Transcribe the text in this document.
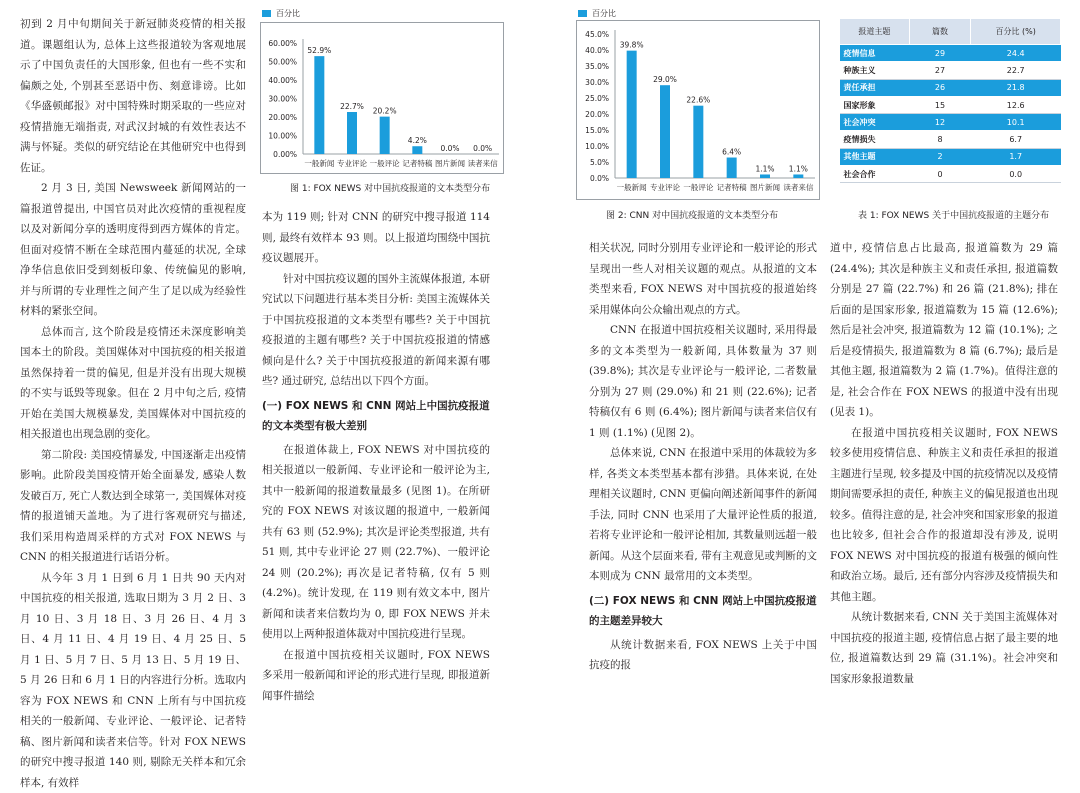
初到 2 月中旬期间关于新冠肺炎疫情的相关报道。课题组认为, 总体上这些报道较为客观地展示了中国负责任的大国形象, 但也有一些不实和偏颇之处, 个别甚至恶语中伤、刻意诽谤。比如《华盛顿邮报》对中国特殊时期采取的一些应对疫情措施无端指责, 对武汉封城的有效性表达不满与怀疑。类似的研究结论在其他研究中也得到佐证。

2 月 3 日, 美国 Newsweek 新闻网站的一篇报道曾提出, 中国官员对此次疫情的重视程度以及对新闻分享的透明度得到西方媒体的肯定。但面对疫情不断在全球范围内蔓延的状况, 全球净华信息依旧受到刻板印象、传统偏见的影响, 并与所谓的专业理性之间产生了足以成为经验性材料的紧张空间。

总体而言, 这个阶段是疫情还未深度影响美国本土的阶段。美国媒体对中国抗疫的相关报道虽然保持着一贯的偏见, 但是并没有出现大规模的不实与诋毁等现象。但在 2 月中旬之后, 疫情开始在美国大规模暴发, 美国媒体对中国抗疫的相关报道也出现急剧的变化。

第二阶段: 美国疫情暴发, 中国逐渐走出疫情影响。此阶段美国疫情开始全面暴发, 感染人数发破百万, 死亡人数达到全球第一, 美国媒体对疫情的报道铺天盖地。为了进行客观研究与描述, 我们采用构造周采样的方式对 FOX NEWS 与 CNN 的相关报道进行话语分析。

从今年 3 月 1 日到 6 月 1 日共 90 天内对中国抗疫的相关报道, 选取日期为 3 月 2 日、3 月 10 日、3 月 18 日、3 月 26 日、4 月 3 日、4 月 11 日、4 月 19 日、4 月 25 日、5 月 1 日、5 月 7 日、5 月 13 日、5 月 19 日、5 月 26 日和 6 月 1 日的内容进行分析。选取内容为 FOX NEWS 和 CNN 上所有与中国抗疫相关的一般新闻、专业评论、一般评论、记者特稿、图片新闻和读者来信等。针对 FOX NEWS 的研究中搜寻报道 140 则, 剔除无关样本和冗余样本, 有效样

百分比
0.00%
10.00%
20.00%
30.00%
40.00%
50.00%
60.00%
52.9%
一般新闻
22.7%
专业评论
20.2%
一般评论
4.2%
记者特稿
0.0%
图片新闻
0.0%
读者来信
图 1: FOX NEWS 对中国抗疫报道的文本类型分布

本为 119 则; 针对 CNN 的研究中搜寻报道 114 则, 最终有效样本 93 则。以上报道均围绕中国抗疫议题展开。

针对中国抗疫议题的国外主流媒体报道, 本研究试以下问题进行基本类目分析: 美国主流媒体关于中国抗疫报道的文本类型有哪些? 关于中国抗疫报道的主题有哪些? 关于中国抗疫报道的情感倾向是什么? 关于中国抗疫报道的新闻来源有哪些? 通过研究, 总结出以下四个方面。

(一) FOX NEWS 和 CNN 网站上中国抗疫报道的文本类型有极大差别

在报道体裁上, FOX NEWS 对中国抗疫的相关报道以一般新闻、专业评论和一般评论为主, 其中一般新闻的报道数量最多 (见图 1)。在所研究的 FOX NEWS 对该议题的报道中, 一般新闻共有 63 则 (52.9%); 其次是评论类型报道, 共有 51 则, 其中专业评论 27 则 (22.7%)、一般评论 24 则 (20.2%); 再次是记者特稿, 仅有 5 则 (4.2%)。统计发现, 在 119 则有效文本中, 图片新闻和读者来信数均为 0, 即 FOX NEWS 并未使用以上两种报道体裁对中国抗疫进行呈现。

在报道中国抗疫相关议题时, FOX NEWS 多采用一般新闻和评论的形式进行呈现, 即报道新闻事件描绘

百分比
0.0%
5.0%
10.0%
15.0%
20.0%
25.0%
30.0%
35.0%
40.0%
45.0%
39.8%
一般新闻
29.0%
专业评论
22.6%
一般评论
6.4%
记者特稿
1.1%
图片新闻
1.1%
读者来信
图 2: CNN 对中国抗疫报道的文本类型分布

相关状况, 同时分别用专业评论和一般评论的形式呈现出一些人对相关议题的观点。从报道的文本类型来看, FOX NEWS 对中国抗疫的报道始终采用媒体向公众输出观点的方式。

CNN 在报道中国抗疫相关议题时, 采用得最多的文本类型为一般新闻, 具体数量为 37 则 (39.8%); 其次是专业评论与一般评论, 二者数量分别为 27 则 (29.0%) 和 21 则 (22.6%); 记者特稿仅有 6 则 (6.4%); 图片新闻与读者来信仅有 1 则 (1.1%) (见图 2)。

总体来说, CNN 在报道中采用的体裁较为多样, 各类文本类型基本都有涉猎。具体来说, 在处理相关议题时, CNN 更偏向阐述新闻事件的新闻手法, 同时 CNN 也采用了大量评论性质的报道, 若将专业评论和一般评论相加, 其数量则远超一般新闻。从这个层面来看, 带有主观意见或判断的文本则成为 CNN 最常用的文本类型。

(二) FOX NEWS 和 CNN 网站上中国抗疫报道的主题差异较大

从统计数据来看, FOX NEWS 上关于中国抗疫的报

报道主题	篇数	百分比 (%)
疫情信息	29	24.4
种族主义	27	22.7
责任承担	26	21.8
国家形象	15	12.6
社会冲突	12	10.1
疫情损失	8	6.7
其他主题	2	1.7
社会合作	0	0.0
表 1: FOX NEWS 关于中国抗疫报道的主题分布

道中, 疫情信息占比最高, 报道篇数为 29 篇 (24.4%); 其次是种族主义和责任承担, 报道篇数分别是 27 篇 (22.7%) 和 26 篇 (21.8%); 排在后面的是国家形象, 报道篇数为 15 篇 (12.6%); 然后是社会冲突, 报道篇数为 12 篇 (10.1%); 之后是疫情损失, 报道篇数为 8 篇 (6.7%); 最后是其他主题, 报道篇数为 2 篇 (1.7%)。值得注意的是, 社会合作在 FOX NEWS 的报道中没有出现 (见表 1)。

在报道中国抗疫相关议题时, FOX NEWS 较多使用疫情信息、种族主义和责任承担的报道主题进行呈现, 较多提及中国的抗疫情况以及疫情期间需要承担的责任, 种族主义的偏见报道也出现较多。值得注意的是, 社会冲突和国家形象的报道也比较多, 但社会合作的报道却没有涉及, 说明 FOX NEWS 对中国抗疫的报道有极强的倾向性和政治立场。最后, 还有部分内容涉及疫情损失和其他主题。

从统计数据来看, CNN 关于美国主流媒体对中国抗疫的报道主题, 疫情信息占据了最主要的地位, 报道篇数达到 29 篇 (31.1%)。社会冲突和国家形象报道数量
